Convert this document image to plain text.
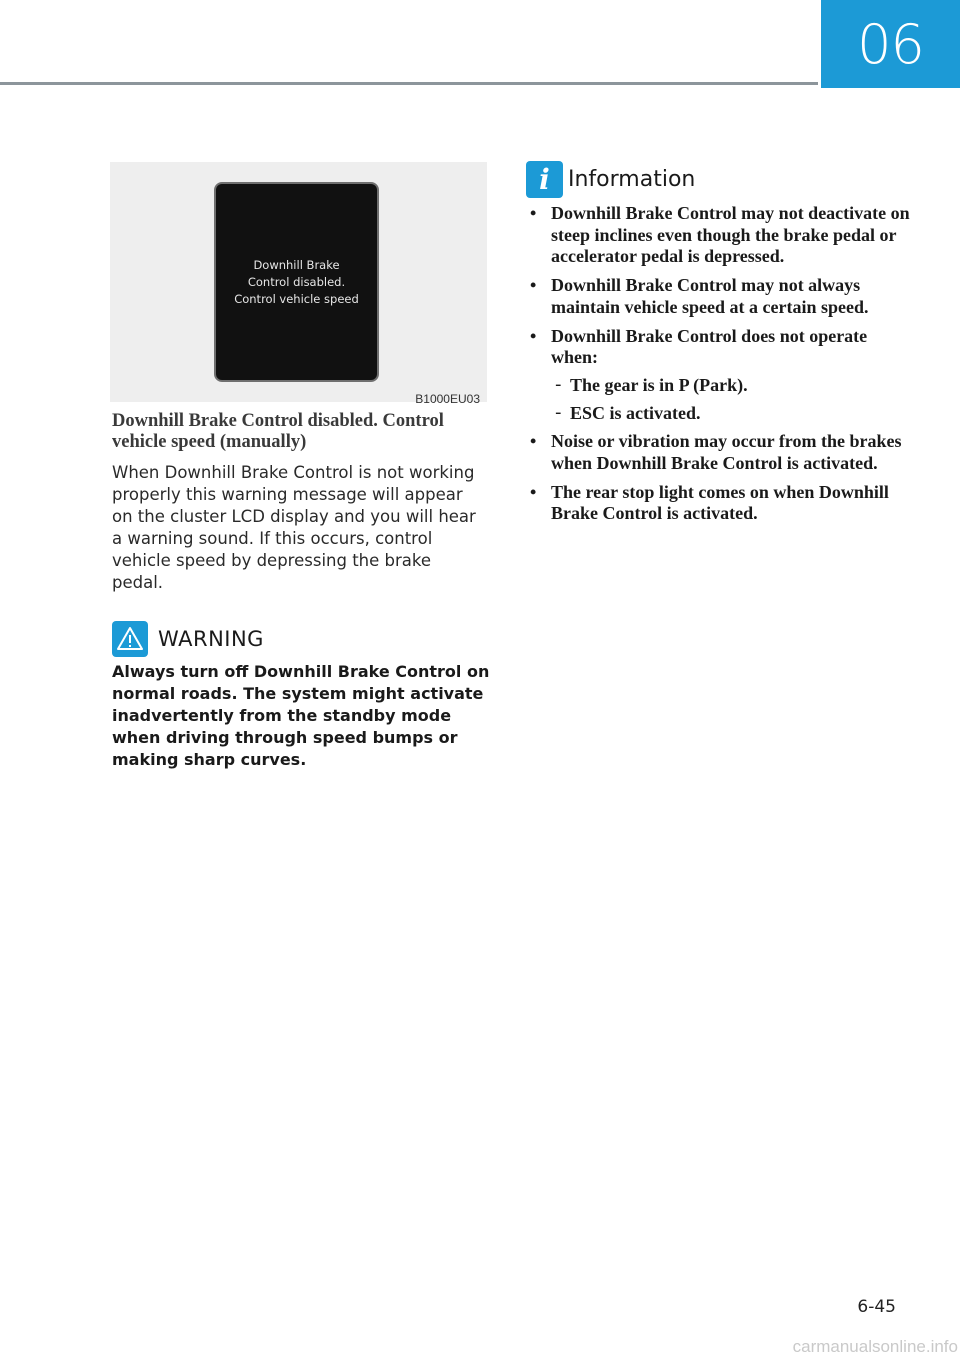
06
Downhill Brake
Control disabled.
Control vehicle speed
B1000EU03
Downhill Brake Control disabled. Control vehicle speed (manually)
When Downhill Brake Control is not working properly this warning message will appear on the cluster LCD display and you will hear a warning sound. If this occurs, control vehicle speed by depressing the brake pedal.
WARNING
Always turn off Downhill Brake Control on normal roads. The system might activate inadvertently from the standby mode when driving through speed bumps or making sharp curves.
i Information
• Downhill Brake Control may not deactivate on steep inclines even though the brake pedal or accelerator pedal is depressed.
• Downhill Brake Control may not always maintain vehicle speed at a certain speed.
• Downhill Brake Control does not operate when:
- The gear is in P (Park).
- ESC is activated.
• Noise or vibration may occur from the brakes when Downhill Brake Control is activated.
• The rear stop light comes on when Downhill Brake Control is activated.
6-45
carmanualsonline.info
